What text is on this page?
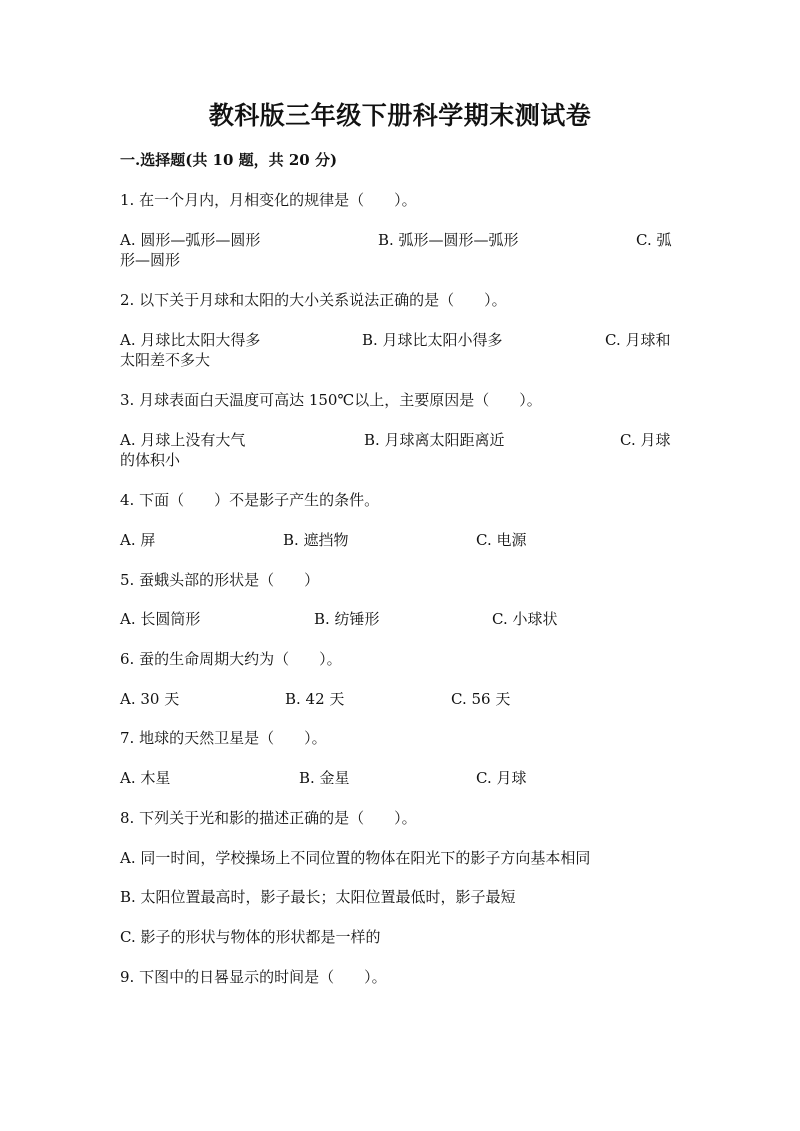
教科版三年级下册科学期末测试卷
一.选择题(共 10 题，共 20 分)
1. 在一个月内，月相变化的规律是（　　）。
A. 圆形—弧形—圆形	B. 弧形—圆形—弧形	C. 弧
形—圆形
2. 以下关于月球和太阳的大小关系说法正确的是（　　）。
A. 月球比太阳大得多	B. 月球比太阳小得多	C. 月球和
太阳差不多大
3. 月球表面白天温度可高达 150℃以上，主要原因是（　　）。
A. 月球上没有大气	B. 月球离太阳距离近	C. 月球
的体积小
4. 下面（　　）不是影子产生的条件。
A. 屏	B. 遮挡物	C. 电源
5. 蚕蛾头部的形状是（　　）
A. 长圆筒形	B. 纺锤形	C. 小球状
6. 蚕的生命周期大约为（　　）。
A. 30 天	B. 42 天	C. 56 天
7. 地球的天然卫星是（　　）。
A. 木星	B. 金星	C. 月球
8. 下列关于光和影的描述正确的是（　　）。
A. 同一时间，学校操场上不同位置的物体在阳光下的影子方向基本相同
B. 太阳位置最高时，影子最长；太阳位置最低时，影子最短
C. 影子的形状与物体的形状都是一样的
9. 下图中的日晷显示的时间是（　　）。
